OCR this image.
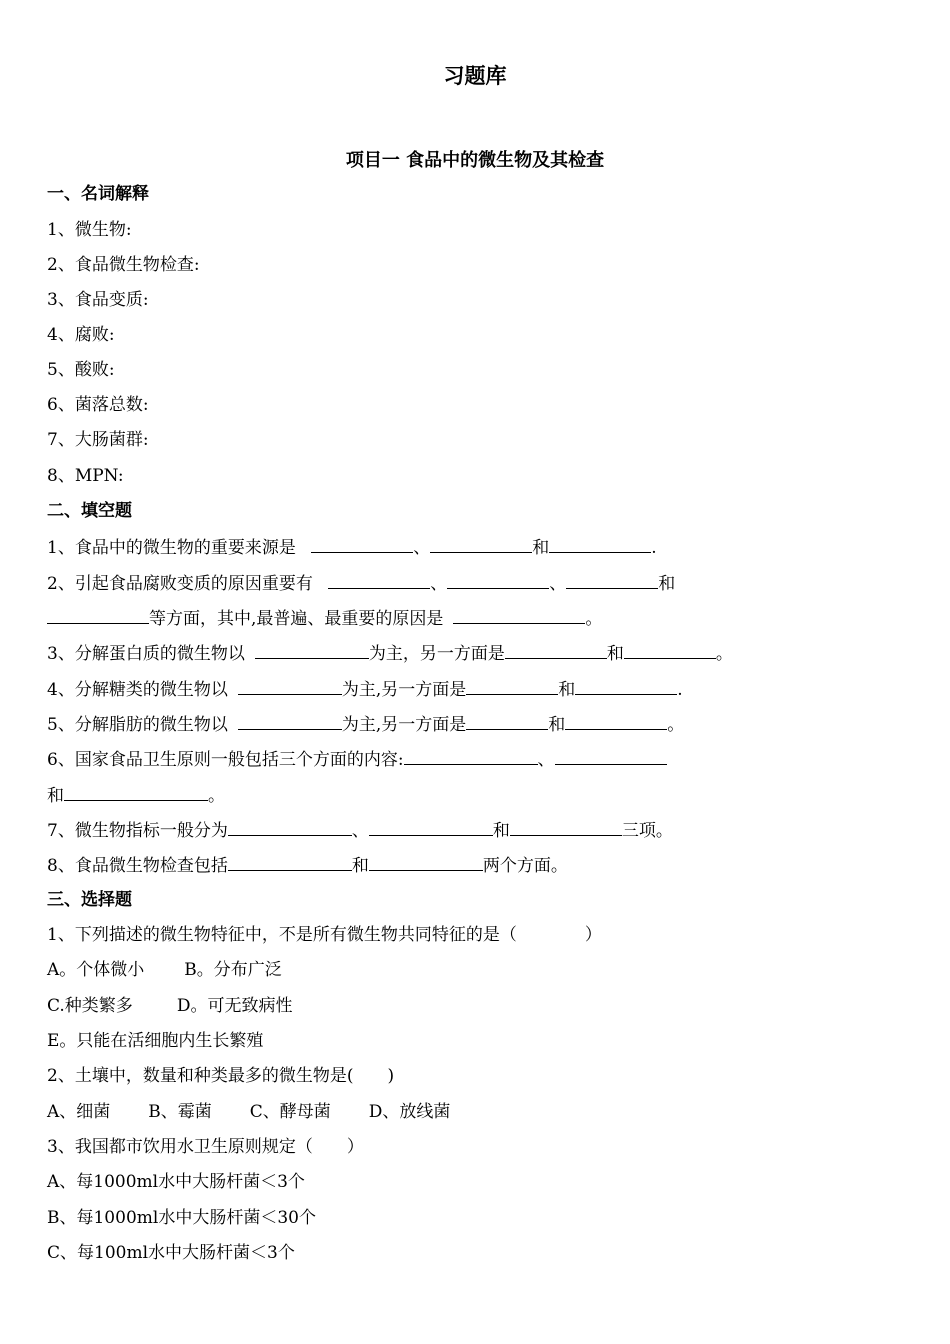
习题库
项目一 食品中的微生物及其检查
一、名词解释
1、微生物:
2、食品微生物检查:
3、食品变质:
4、腐败:
5、酸败:
6、菌落总数:
7、大肠菌群:
8、MPN:
二、填空题
1、食品中的微生物的重要来源是	、	和	.
2、引起食品腐败变质的原因重要有	、	、	和
等方面，其中,最普遍、最重要的原因是	。
3、分解蛋白质的微生物以	为主，另一方面是	和	。
4、分解糖类的微生物以	为主,另一方面是	和	.
5、分解脂肪的微生物以	为主,另一方面是	和	。
6、国家食品卫生原则一般包括三个方面的内容:	、
和	。
7、微生物指标一般分为	、	和	三项。
8、食品微生物检查包括	和	两个方面。
三、选择题
1、下列描述的微生物特征中，不是所有微生物共同特征的是（　　　　）
A。个体微小 B。分布广泛
C.种类繁多	D。可无致病性
E。只能在活细胞内生长繁殖
2、土壤中，数量和种类最多的微生物是(　　)
A、细菌 B、霉菌 C、酵母菌 D、放线菌
3、我国都市饮用水卫生原则规定（　　）
A、每1000ml水中大肠杆菌＜3个
B、每1000ml水中大肠杆菌＜30个
C、每100ml水中大肠杆菌＜3个
